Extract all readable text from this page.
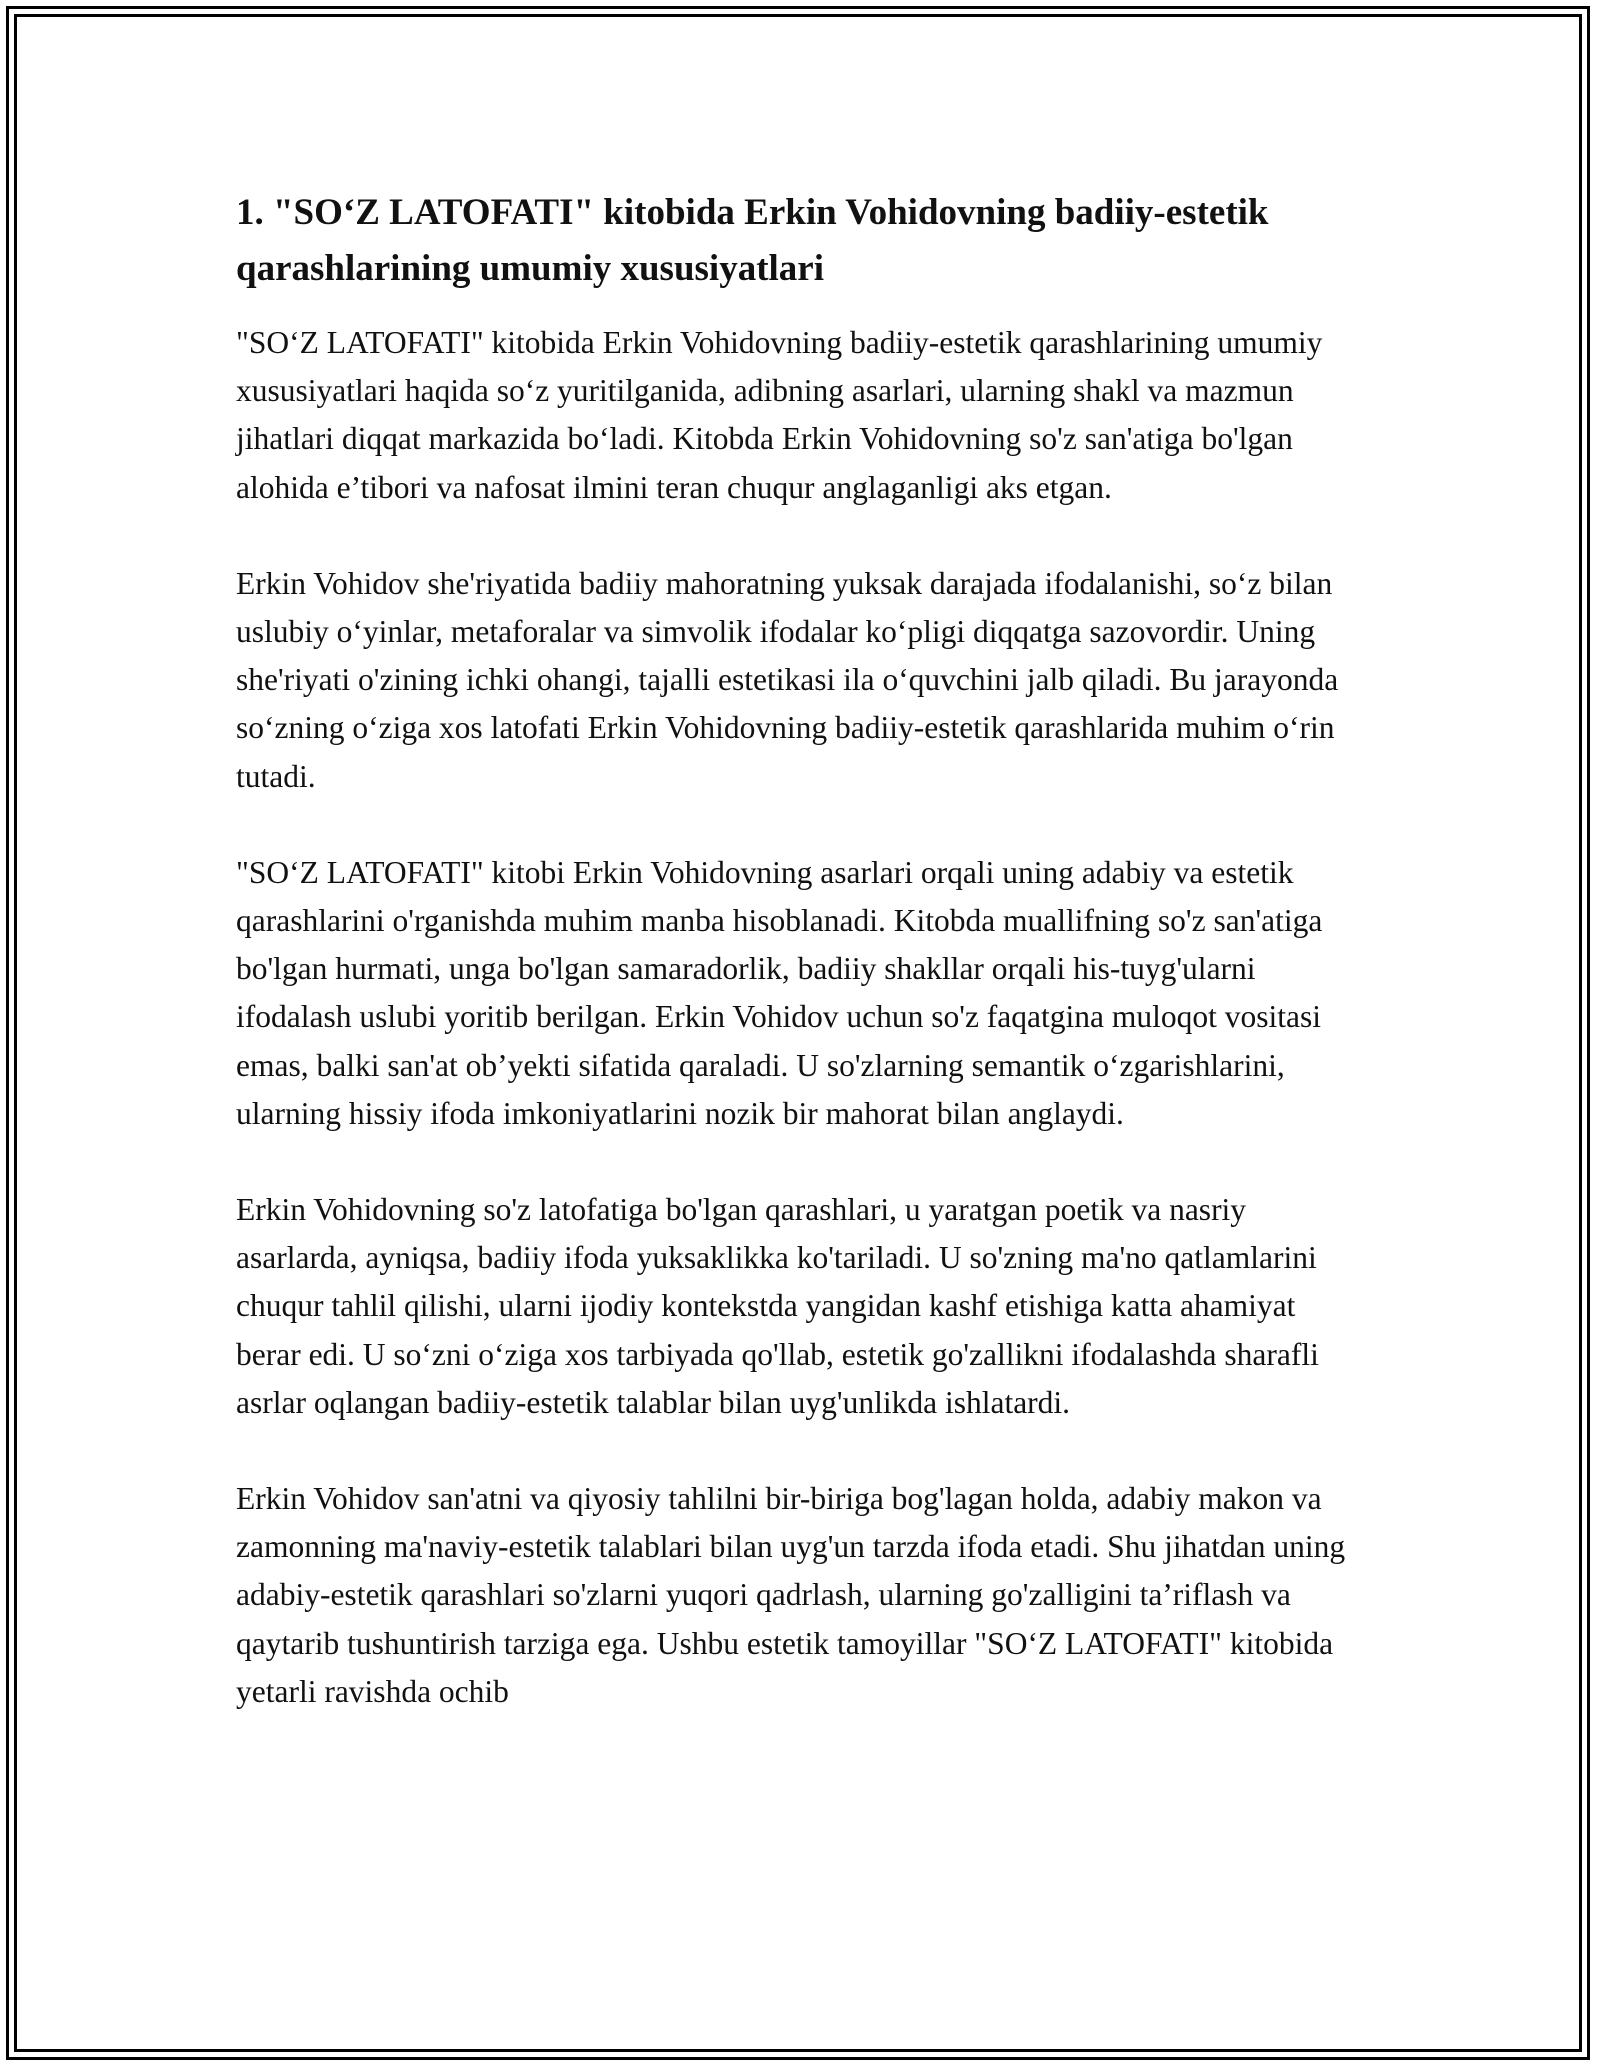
1. "SO‘Z LATOFATI" kitobida Erkin Vohidovning badiiy-estetik qarashlarining umumiy xususiyatlari

"SO‘Z LATOFATI" kitobida Erkin Vohidovning badiiy-estetik qarashlarining umumiy xususiyatlari haqida so‘z yuritilganida, adibning asarlari, ularning shakl va mazmun jihatlari diqqat markazida bo‘ladi. Kitobda Erkin Vohidovning so'z san'atiga bo'lgan alohida e’tibori va nafosat ilmini teran chuqur anglaganligi aks etgan.

Erkin Vohidov she'riyatida badiiy mahoratning yuksak darajada ifodalanishi, so‘z bilan uslubiy o‘yinlar, metaforalar va simvolik ifodalar ko‘pligi diqqatga sazovordir. Uning she'riyati o'zining ichki ohangi, tajalli estetikasi ila o‘quvchini jalb qiladi. Bu jarayonda so‘zning o‘ziga xos latofati Erkin Vohidovning badiiy-estetik qarashlarida muhim o‘rin tutadi.

"SO‘Z LATOFATI" kitobi Erkin Vohidovning asarlari orqali uning adabiy va estetik qarashlarini o'rganishda muhim manba hisoblanadi. Kitobda muallifning so'z san'atiga bo'lgan hurmati, unga bo'lgan samaradorlik, badiiy shakllar orqali his-tuyg'ularni ifodalash uslubi yoritib berilgan. Erkin Vohidov uchun so'z faqatgina muloqot vositasi emas, balki san'at ob’yekti sifatida qaraladi. U so'zlarning semantik o‘zgarishlarini, ularning hissiy ifoda imkoniyatlarini nozik bir mahorat bilan anglaydi.

Erkin Vohidovning so'z latofatiga bo'lgan qarashlari, u yaratgan poetik va nasriy asarlarda, ayniqsa, badiiy ifoda yuksaklikka ko'tariladi. U so'zning ma'no qatlamlarini chuqur tahlil qilishi, ularni ijodiy kontekstda yangidan kashf etishiga katta ahamiyat berar edi. U so‘zni o‘ziga xos tarbiyada qo'llab, estetik go'zallikni ifodalashda sharafli asrlar oqlangan badiiy-estetik talablar bilan uyg'unlikda ishlatardi.

Erkin Vohidov san'atni va qiyosiy tahlilni bir-biriga bog'lagan holda, adabiy makon va zamonning ma'naviy-estetik talablari bilan uyg'un tarzda ifoda etadi. Shu jihatdan uning adabiy-estetik qarashlari so'zlarni yuqori qadrlash, ularning go'zalligini ta’riflash va qaytarib tushuntirish tarziga ega. Ushbu estetik tamoyillar "SO‘Z LATOFATI" kitobida yetarli ravishda ochib
